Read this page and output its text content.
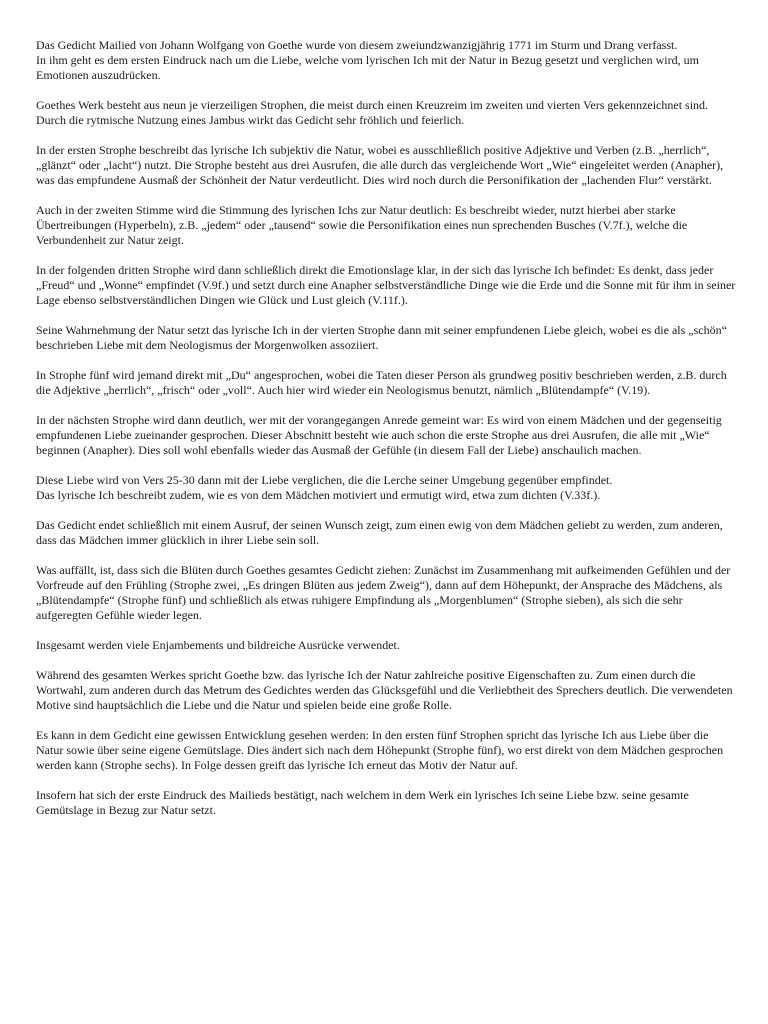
Das Gedicht Mailied von Johann Wolfgang von Goethe wurde von diesem zweiundzwanzigjährig 1771 im Sturm und Drang verfasst.
In ihm geht es dem ersten Eindruck nach um die Liebe, welche vom lyrischen Ich mit der Natur in Bezug gesetzt und verglichen wird, um Emotionen auszudrücken.

Goethes Werk besteht aus neun je vierzeiligen Strophen, die meist durch einen Kreuzreim im zweiten und vierten Vers gekennzeichnet sind. Durch die rytmische Nutzung eines Jambus wirkt das Gedicht sehr fröhlich und feierlich.

In der ersten Strophe beschreibt das lyrische Ich subjektiv die Natur, wobei es ausschließlich positive Adjektive und Verben (z.B. „herrlich“, „glänzt“ oder „lacht“) nutzt. Die Strophe besteht aus drei Ausrufen, die alle durch das vergleichende Wort „Wie“ eingeleitet werden (Anapher), was das empfundene Ausmaß der Schönheit der Natur verdeutlicht. Dies wird noch durch die Personifikation der „lachenden Flur“ verstärkt.

Auch in der zweiten Stimme wird die Stimmung des lyrischen Ichs zur Natur deutlich: Es beschreibt wieder, nutzt hierbei aber starke Übertreibungen (Hyperbeln), z.B. „jedem“ oder „tausend“ sowie die Personifikation eines nun sprechenden Busches (V.7f.), welche die Verbundenheit zur Natur zeigt.

In der folgenden dritten Strophe wird dann schließlich direkt die Emotionslage klar, in der sich das lyrische Ich befindet: Es denkt, dass jeder „Freud“ und „Wonne“ empfindet (V.9f.) und setzt durch eine Anapher selbstverständliche Dinge wie die Erde und die Sonne mit für ihm in seiner Lage ebenso selbstverständlichen Dingen wie Glück und Lust gleich (V.11f.).

Seine Wahrnehmung der Natur setzt das lyrische Ich in der vierten Strophe dann mit seiner empfundenen Liebe gleich, wobei es die als „schön“ beschrieben Liebe mit dem Neologismus der Morgenwolken assoziiert.

In Strophe fünf wird jemand direkt mit „Du“ angesprochen, wobei die Taten dieser Person als grundweg positiv beschrieben werden, z.B. durch die Adjektive „herrlich“, „frisch“ oder „voll“. Auch hier wird wieder ein Neologismus benutzt, nämlich „Blütendampfe“ (V.19).

In der nächsten Strophe wird dann deutlich, wer mit der vorangegangen Anrede gemeint war: Es wird von einem Mädchen und der gegenseitig empfundenen Liebe zueinander gesprochen. Dieser Abschnitt besteht wie auch schon die erste Strophe aus drei Ausrufen, die alle mit „Wie“ beginnen (Anapher). Dies soll wohl ebenfalls wieder das Ausmaß der Gefühle (in diesem Fall der Liebe) anschaulich machen.

Diese Liebe wird von Vers 25-30 dann mit der Liebe verglichen, die die Lerche seiner Umgebung gegenüber empfindet.
Das lyrische Ich beschreibt zudem, wie es von dem Mädchen motiviert und ermutigt wird, etwa zum dichten (V.33f.).

Das Gedicht endet schließlich mit einem Ausruf, der seinen Wunsch zeigt, zum einen ewig von dem Mädchen geliebt zu werden, zum anderen, dass das Mädchen immer glücklich in ihrer Liebe sein soll.

Was auffällt, ist, dass sich die Blüten durch Goethes gesamtes Gedicht ziehen: Zunächst im Zusammenhang mit aufkeimenden Gefühlen und der Vorfreude auf den Frühling (Strophe zwei, „Es dringen Blüten aus jedem Zweig“), dann auf dem Höhepunkt, der Ansprache des Mädchens, als „Blütendampfe“ (Strophe fünf) und schließlich als etwas ruhigere Empfindung als „Morgenblumen“ (Strophe sieben), als sich die sehr aufgeregten Gefühle wieder legen.

Insgesamt werden viele Enjambements und bildreiche Ausrücke verwendet.

Während des gesamten Werkes spricht Goethe bzw. das lyrische Ich der Natur zahlreiche positive Eigenschaften zu. Zum einen durch die Wortwahl, zum anderen durch das Metrum des Gedichtes werden das Glücksgefühl und die Verliebtheit des Sprechers deutlich. Die verwendeten Motive sind hauptsächlich die Liebe und die Natur und spielen beide eine große Rolle.

Es kann in dem Gedicht eine gewissen Entwicklung gesehen werden: In den ersten fünf Strophen spricht das lyrische Ich aus Liebe über die Natur sowie über seine eigene Gemütslage. Dies ändert sich nach dem Höhepunkt (Strophe fünf), wo erst direkt von dem Mädchen gesprochen werden kann (Strophe sechs). In Folge dessen greift das lyrische Ich erneut das Motiv der Natur auf.

Insofern hat sich der erste Eindruck des Mailieds bestätigt, nach welchem in dem Werk ein lyrisches Ich seine Liebe bzw. seine gesamte Gemütslage in Bezug zur Natur setzt.
